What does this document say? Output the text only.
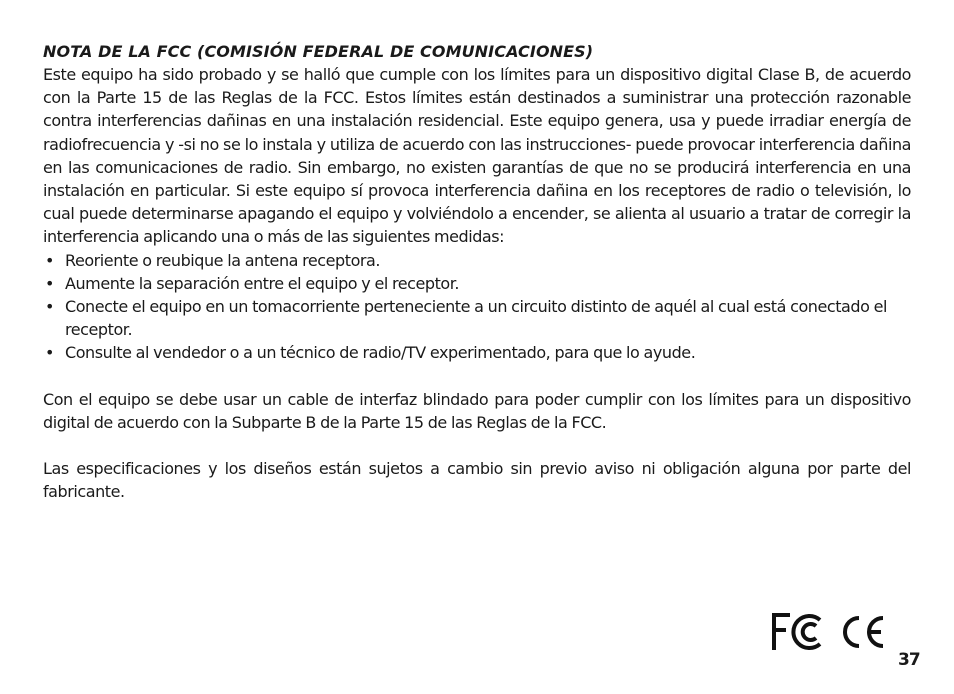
NOTA DE LA FCC (COMISIÓN FEDERAL DE COMUNICACIONES)

Este equipo ha sido probado y se halló que cumple con los límites para un dispositivo digital Clase B, de acuerdo con la Parte 15 de las Reglas de la FCC. Estos límites están destinados a suministrar una protección razonable contra interferencias dañinas en una instalación residencial. Este equipo genera, usa y puede irradiar energía de radiofrecuencia y -si no se lo instala y utiliza de acuerdo con las instrucciones- puede provocar interferencia dañina en las comunicaciones de radio. Sin embargo, no existen garantías de que no se producirá interferencia en una instalación en particular. Si este equipo sí provoca interferencia dañina en los receptores de radio o televisión, lo cual puede determinarse apagando el equipo y volviéndolo a encender, se alienta al usuario a tratar de corregir la interferencia aplicando una o más de las siguientes medidas:

• Reoriente o reubique la antena receptora.
• Aumente la separación entre el equipo y el receptor.
• Conecte el equipo en un tomacorriente perteneciente a un circuito distinto de aquél al cual está conectado el receptor.
• Consulte al vendedor o a un técnico de radio/TV experimentado, para que lo ayude.

Con el equipo se debe usar un cable de interfaz blindado para poder cumplir con los límites para un dispositivo digital de acuerdo con la Subparte B de la Parte 15 de las Reglas de la FCC.

Las especificaciones y los diseños están sujetos a cambio sin previo aviso ni obligación alguna por parte del fabricante.

37
